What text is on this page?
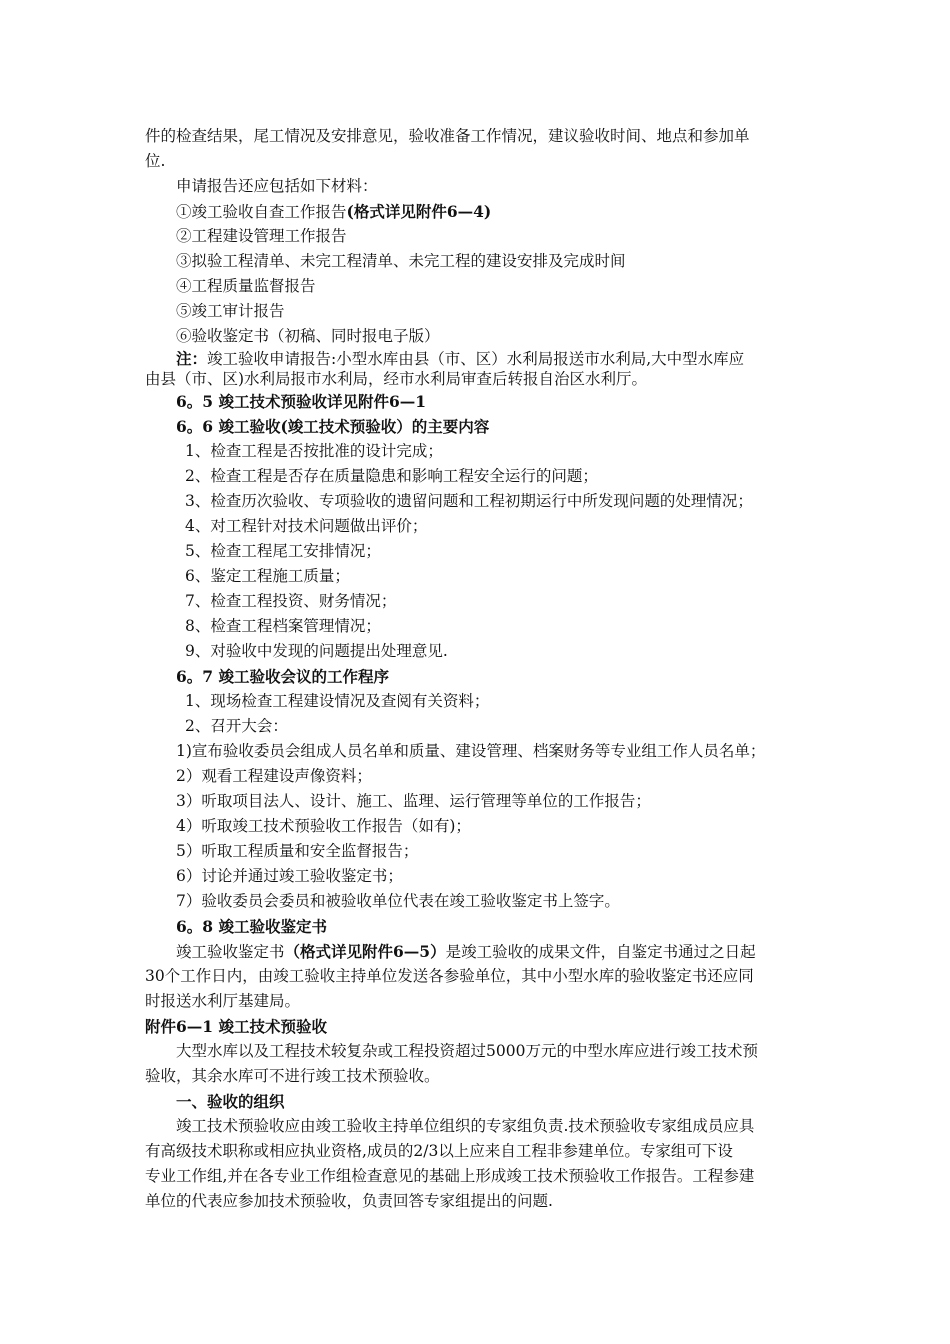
件的检查结果，尾工情况及安排意见，验收准备工作情况，建议验收时间、地点和参加单
位.
申请报告还应包括如下材料：
①竣工验收自查工作报告(格式详见附件6—4)
②工程建设管理工作报告
③拟验工程清单、未完工程清单、未完工程的建设安排及完成时间
④工程质量监督报告
⑤竣工审计报告
⑥验收鉴定书（初稿、同时报电子版）
注：竣工验收申请报告:小型水库由县（市、区）水利局报送市水利局,大中型水库应
由县（市、区)水利局报市水利局，经市水利局审查后转报自治区水利厅。
6。5 竣工技术预验收详见附件6—1
6。6 竣工验收(竣工技术预验收）的主要内容
1、检查工程是否按批准的设计完成；
2、检查工程是否存在质量隐患和影响工程安全运行的问题；
3、检查历次验收、专项验收的遗留问题和工程初期运行中所发现问题的处理情况；
4、对工程针对技术问题做出评价；
5、检查工程尾工安排情况；
6、鉴定工程施工质量；
7、检查工程投资、财务情况；
8、检查工程档案管理情况；
9、对验收中发现的问题提出处理意见.
6。7 竣工验收会议的工作程序
1、现场检查工程建设情况及查阅有关资料；
2、召开大会：
1)宣布验收委员会组成人员名单和质量、建设管理、档案财务等专业组工作人员名单；
2）观看工程建设声像资料；
3）听取项目法人、设计、施工、监理、运行管理等单位的工作报告；
4）听取竣工技术预验收工作报告（如有)；
5）听取工程质量和安全监督报告；
6）讨论并通过竣工验收鉴定书；
7）验收委员会委员和被验收单位代表在竣工验收鉴定书上签字。
6。8 竣工验收鉴定书
竣工验收鉴定书（格式详见附件6—5）是竣工验收的成果文件，自鉴定书通过之日起
30个工作日内，由竣工验收主持单位发送各参验单位，其中小型水库的验收鉴定书还应同
时报送水利厅基建局。
附件6—1 竣工技术预验收
大型水库以及工程技术较复杂或工程投资超过5000万元的中型水库应进行竣工技术预
验收，其余水库可不进行竣工技术预验收。
一、验收的组织
竣工技术预验收应由竣工验收主持单位组织的专家组负责.技术预验收专家组成员应具
有高级技术职称或相应执业资格,成员的2/3以上应来自工程非参建单位。专家组可下设
专业工作组,并在各专业工作组检查意见的基础上形成竣工技术预验收工作报告。工程参建
单位的代表应参加技术预验收，负责回答专家组提出的问题.
